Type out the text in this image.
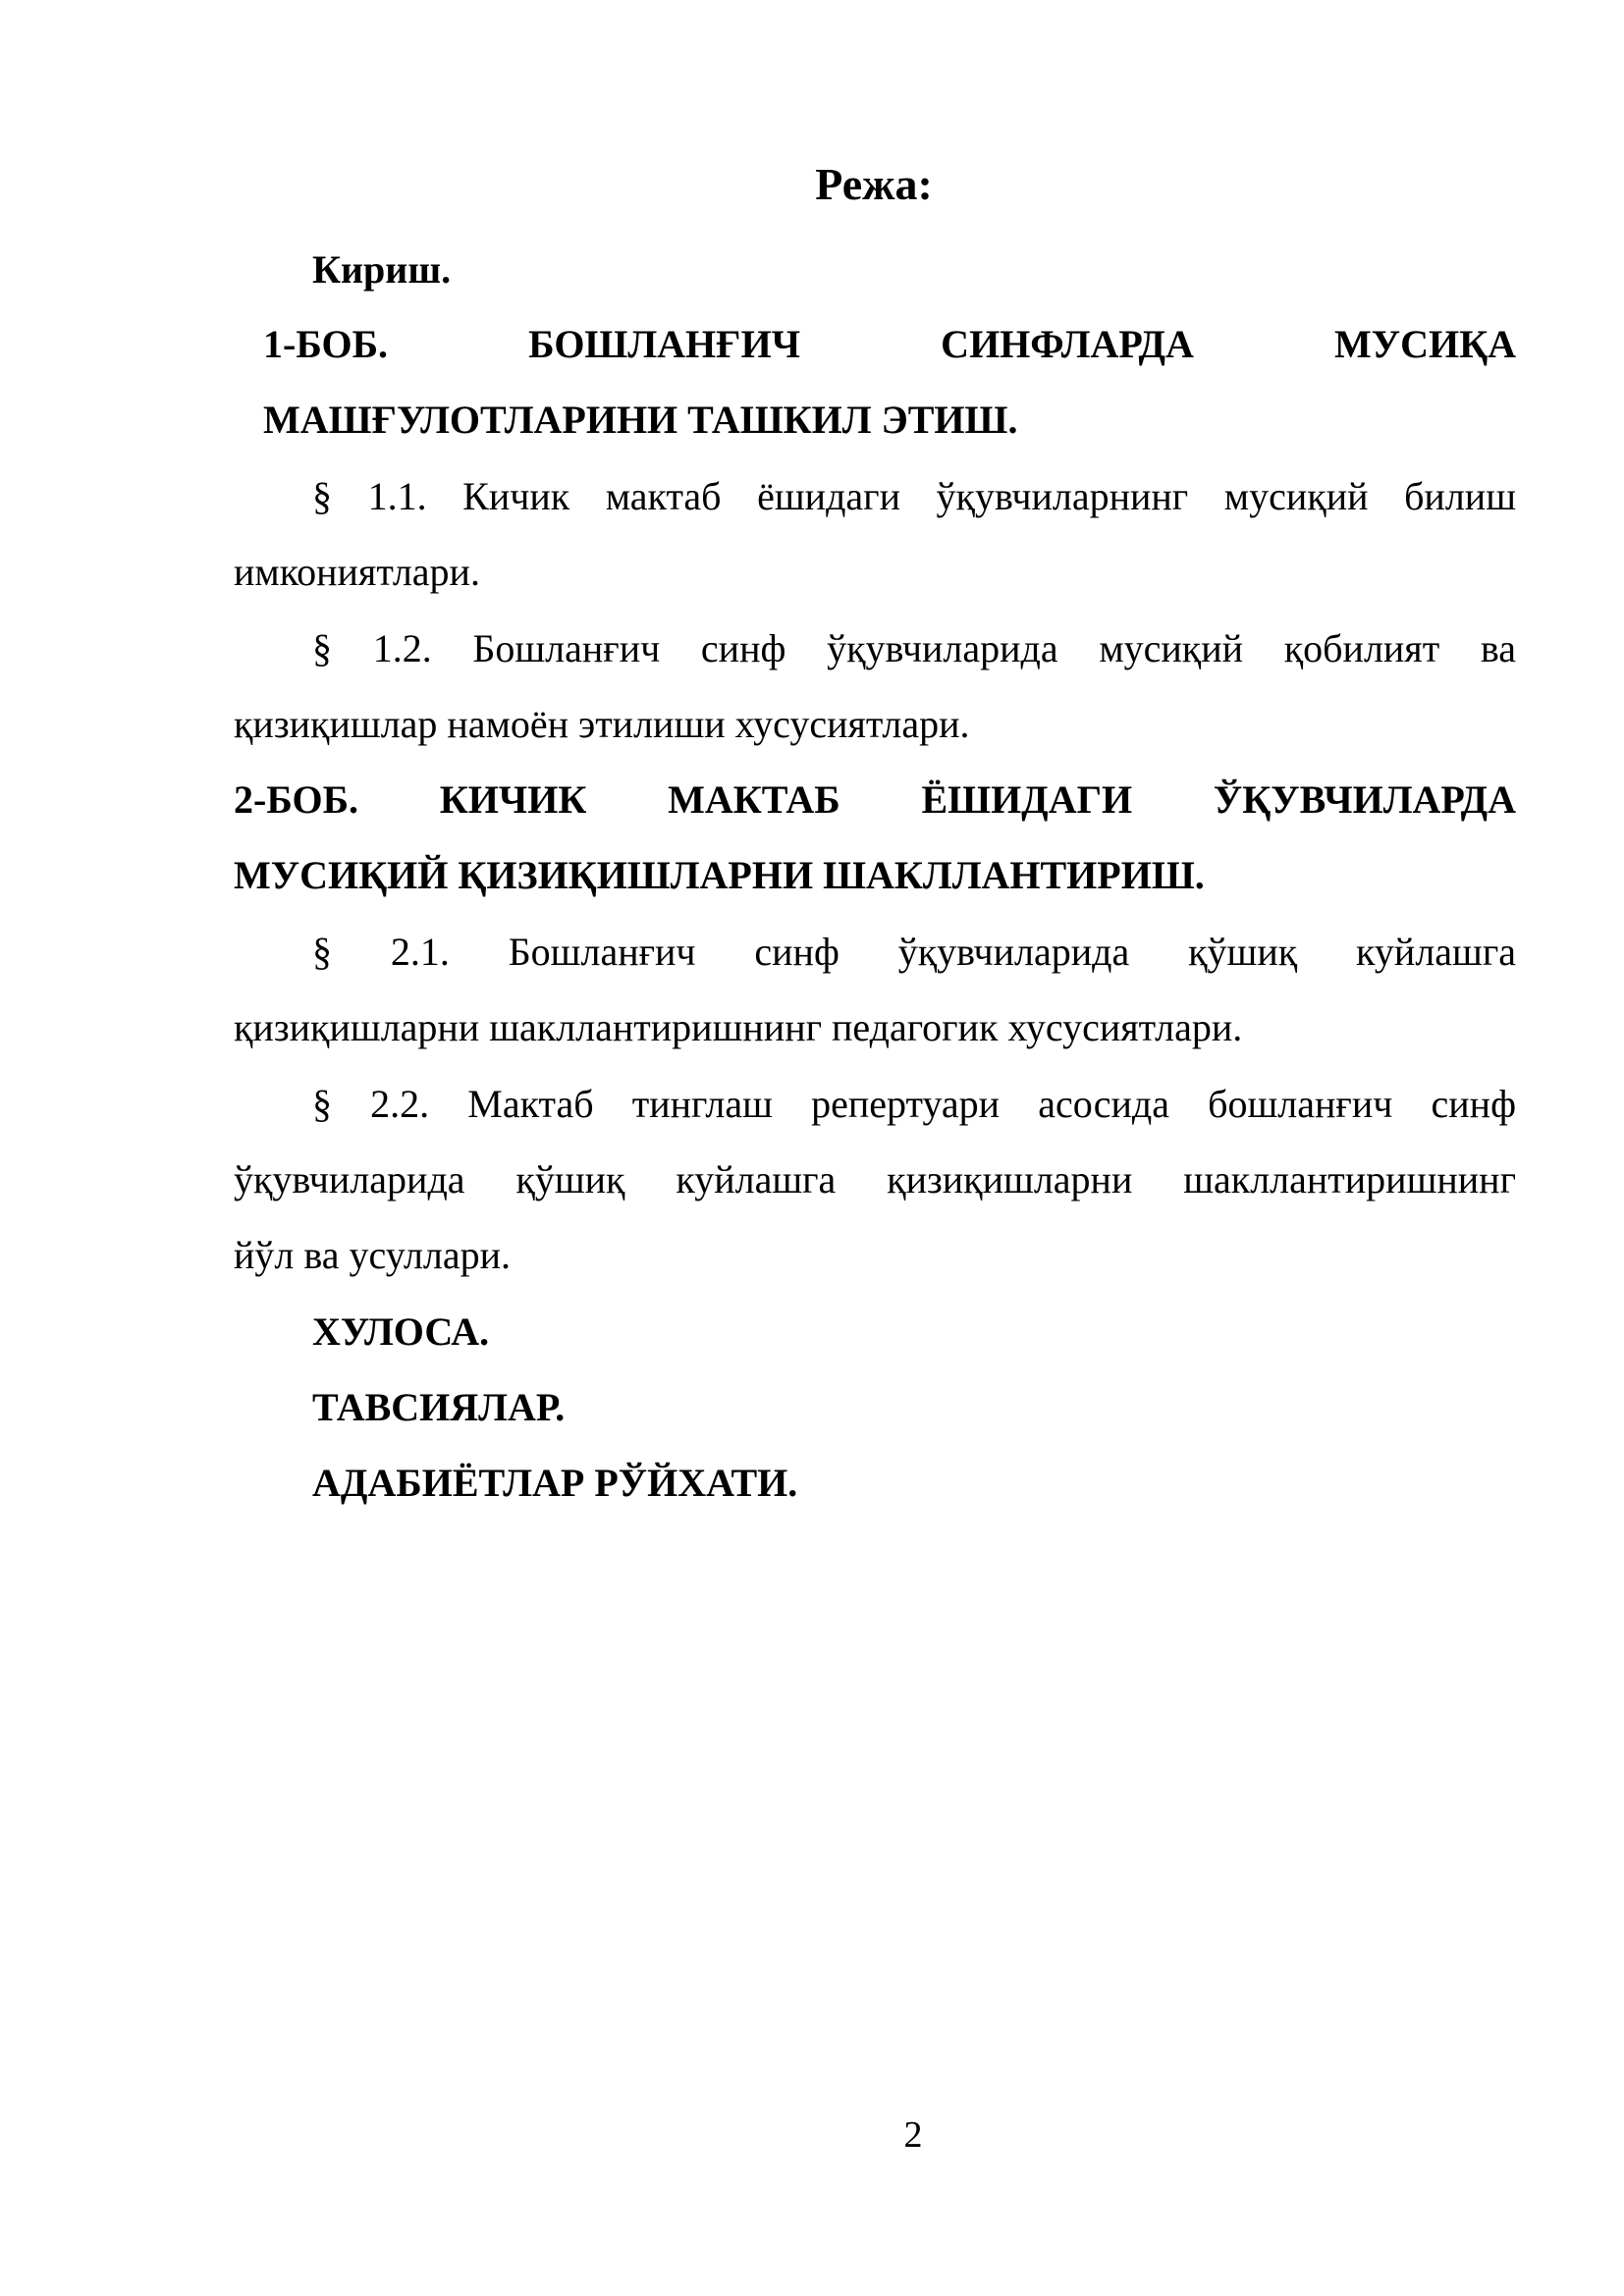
Режа:

Кириш.

1-БОБ. БОШЛАНҒИЧ СИНФЛАРДА МУСИҚА

МАШҒУЛОТЛАРИНИ ТАШКИЛ ЭТИШ.

§ 1.1. Кичик мактаб ёшидаги ўқувчиларнинг мусиқий билиш

имкониятлари.

§ 1.2. Бошланғич синф ўқувчиларида мусиқий қобилият ва

қизиқишлар намоён этилиши хусусиятлари.

2-БОБ. КИЧИК МАКТАБ ЁШИДАГИ ЎҚУВЧИЛАРДА

МУСИҚИЙ ҚИЗИҚИШЛАРНИ ШАКЛЛАНТИРИШ.

§ 2.1. Бошланғич синф ўқувчиларида қўшиқ куйлашга

қизиқишларни шакллантиришнинг педагогик хусусиятлари.

§ 2.2. Мактаб тинглаш репертуари асосида бошланғич синф

ўқувчиларида қўшиқ куйлашга қизиқишларни шакллантиришнинг

йўл ва усуллари.

ХУЛОСА.

ТАВСИЯЛАР.

АДАБИЁТЛАР РЎЙХАТИ.

2
